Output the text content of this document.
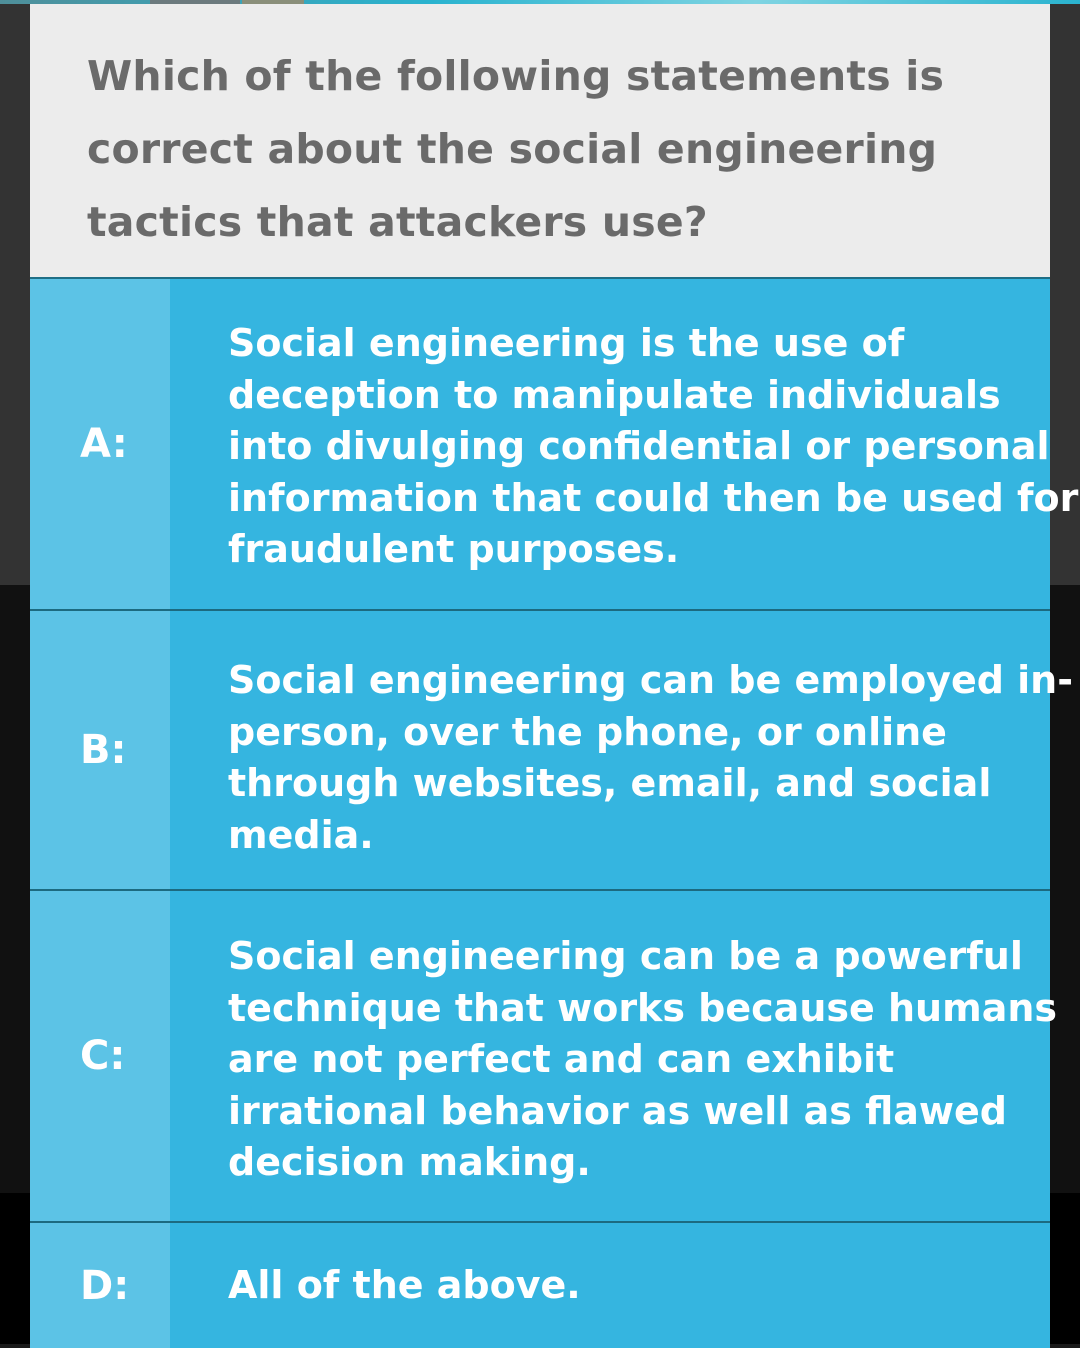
Which of the following statements is
correct about the social engineering
tactics that attackers use?
A:
Social engineering is the use of
deception to manipulate individuals
into divulging confidential or personal
information that could then be used for
fraudulent purposes.
B:
Social engineering can be employed in-
person, over the phone, or online
through websites, email, and social
media.
C:
Social engineering can be a powerful
technique that works because humans
are not perfect and can exhibit
irrational behavior as well as flawed
decision making.
D:	All of the above.
